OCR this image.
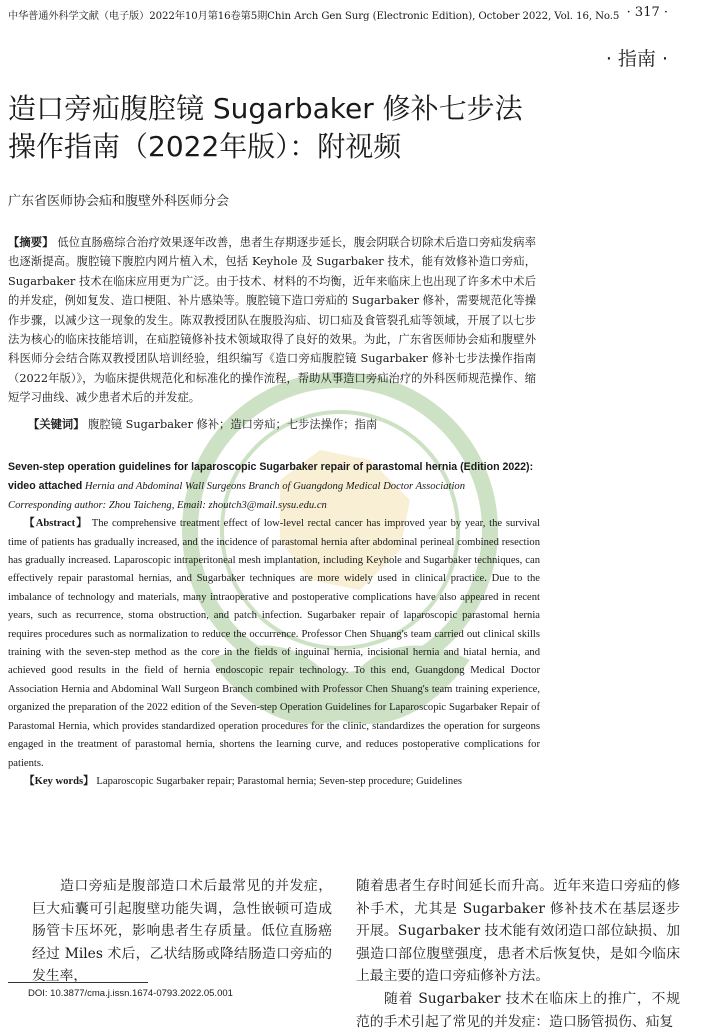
中华普通外科学文献（电子版）2022年10月第16卷第5期Chin Arch Gen Surg (Electronic Edition), October 2022, Vol. 16, No.5 · 317 ·
· 指南 ·
造口旁疝腹腔镜 Sugarbaker 修补七步法
操作指南（2022年版）：附视频
广东省医师协会疝和腹壁外科医师分会
【摘要】 低位直肠癌综合治疗效果逐年改善，患者生存期逐步延长，腹会阴联合切除术后造口旁疝发病率也逐渐提高。腹腔镜下腹腔内网片植入术，包括 Keyhole 及 Sugarbaker 技术，能有效修补造口旁疝，Sugarbaker 技术在临床应用更为广泛。由于技术、材料的不均衡，近年来临床上也出现了许多术中术后的并发症，例如复发、造口梗阻、补片感染等。腹腔镜下造口旁疝的 Sugarbaker 修补，需要规范化等操作步骤，以减少这一现象的发生。陈双教授团队在腹股沟疝、切口疝及食管裂孔疝等领域，开展了以七步法为核心的临床技能培训，在疝腔镜修补技术领域取得了良好的效果。为此，广东省医师协会疝和腹壁外科医师分会结合陈双教授团队培训经验，组织编写《造口旁疝腹腔镜 Sugarbaker 修补七步法操作指南（2022年版）》，为临床提供规范化和标准化的操作流程，帮助从事造口旁疝治疗的外科医师规范操作、缩短学习曲线、减少患者术后的并发症。
【关键词】 腹腔镜 Sugarbaker 修补；造口旁疝；七步法操作；指南
Seven-step operation guidelines for laparoscopic Sugarbaker repair of parastomal hernia (Edition 2022): video attached Hernia and Abdominal Wall Surgeons Branch of Guangdong Medical Doctor Association
Corresponding author: Zhou Taicheng, Email: zhoutch3@mail.sysu.edu.cn
【Abstract】 The comprehensive treatment effect of low-level rectal cancer has improved year by year, the survival time of patients has gradually increased, and the incidence of parastomal hernia after abdominal perineal combined resection has gradually increased. Laparoscopic intraperitoneal mesh implantation, including Keyhole and Sugarbaker techniques, can effectively repair parastomal hernias, and Sugarbaker techniques are more widely used in clinical practice. Due to the imbalance of technology and materials, many intraoperative and postoperative complications have also appeared in recent years, such as recurrence, stoma obstruction, and patch infection. Sugarbaker repair of laparoscopic parastomal hernia requires procedures such as normalization to reduce the occurrence. Professor Chen Shuang's team carried out clinical skills training with the seven-step method as the core in the fields of inguinal hernia, incisional hernia and hiatal hernia, and achieved good results in the field of hernia endoscopic repair technology. To this end, Guangdong Medical Doctor Association Hernia and Abdominal Wall Surgeon Branch combined with Professor Chen Shuang's team training experience, organized the preparation of the 2022 edition of the Seven-step Operation Guidelines for Laparoscopic Sugarbaker Repair of Parastomal Hernia, which provides standardized operation procedures for the clinic, standardizes the operation for surgeons engaged in the treatment of parastomal hernia, shortens the learning curve, and reduces postoperative complications for patients.
【Key words】 Laparoscopic Sugarbaker repair; Parastomal hernia; Seven-step procedure; Guidelines
造口旁疝是腹部造口术后最常见的并发症，巨大疝囊可引起腹壁功能失调，急性嵌顿可造成肠管卡压坏死，影响患者生存质量。低位直肠癌经过 Miles 术后，乙状结肠或降结肠造口旁疝的发生率，
随着患者生存时间延长而升高。近年来造口旁疝的修补手术，尤其是 Sugarbaker 修补技术在基层逐步开展。Sugarbaker 技术能有效闭造口部位缺损、加强造口部位腹壁强度，患者术后恢复快，是如今临床上最主要的造口旁疝修补方法。
随着 Sugarbaker 技术在临床上的推广，不规范的手术引起了常见的并发症：造口肠管损伤、疝复
DOI: 10.3877/cma.j.issn.1674-0793.2022.05.001
